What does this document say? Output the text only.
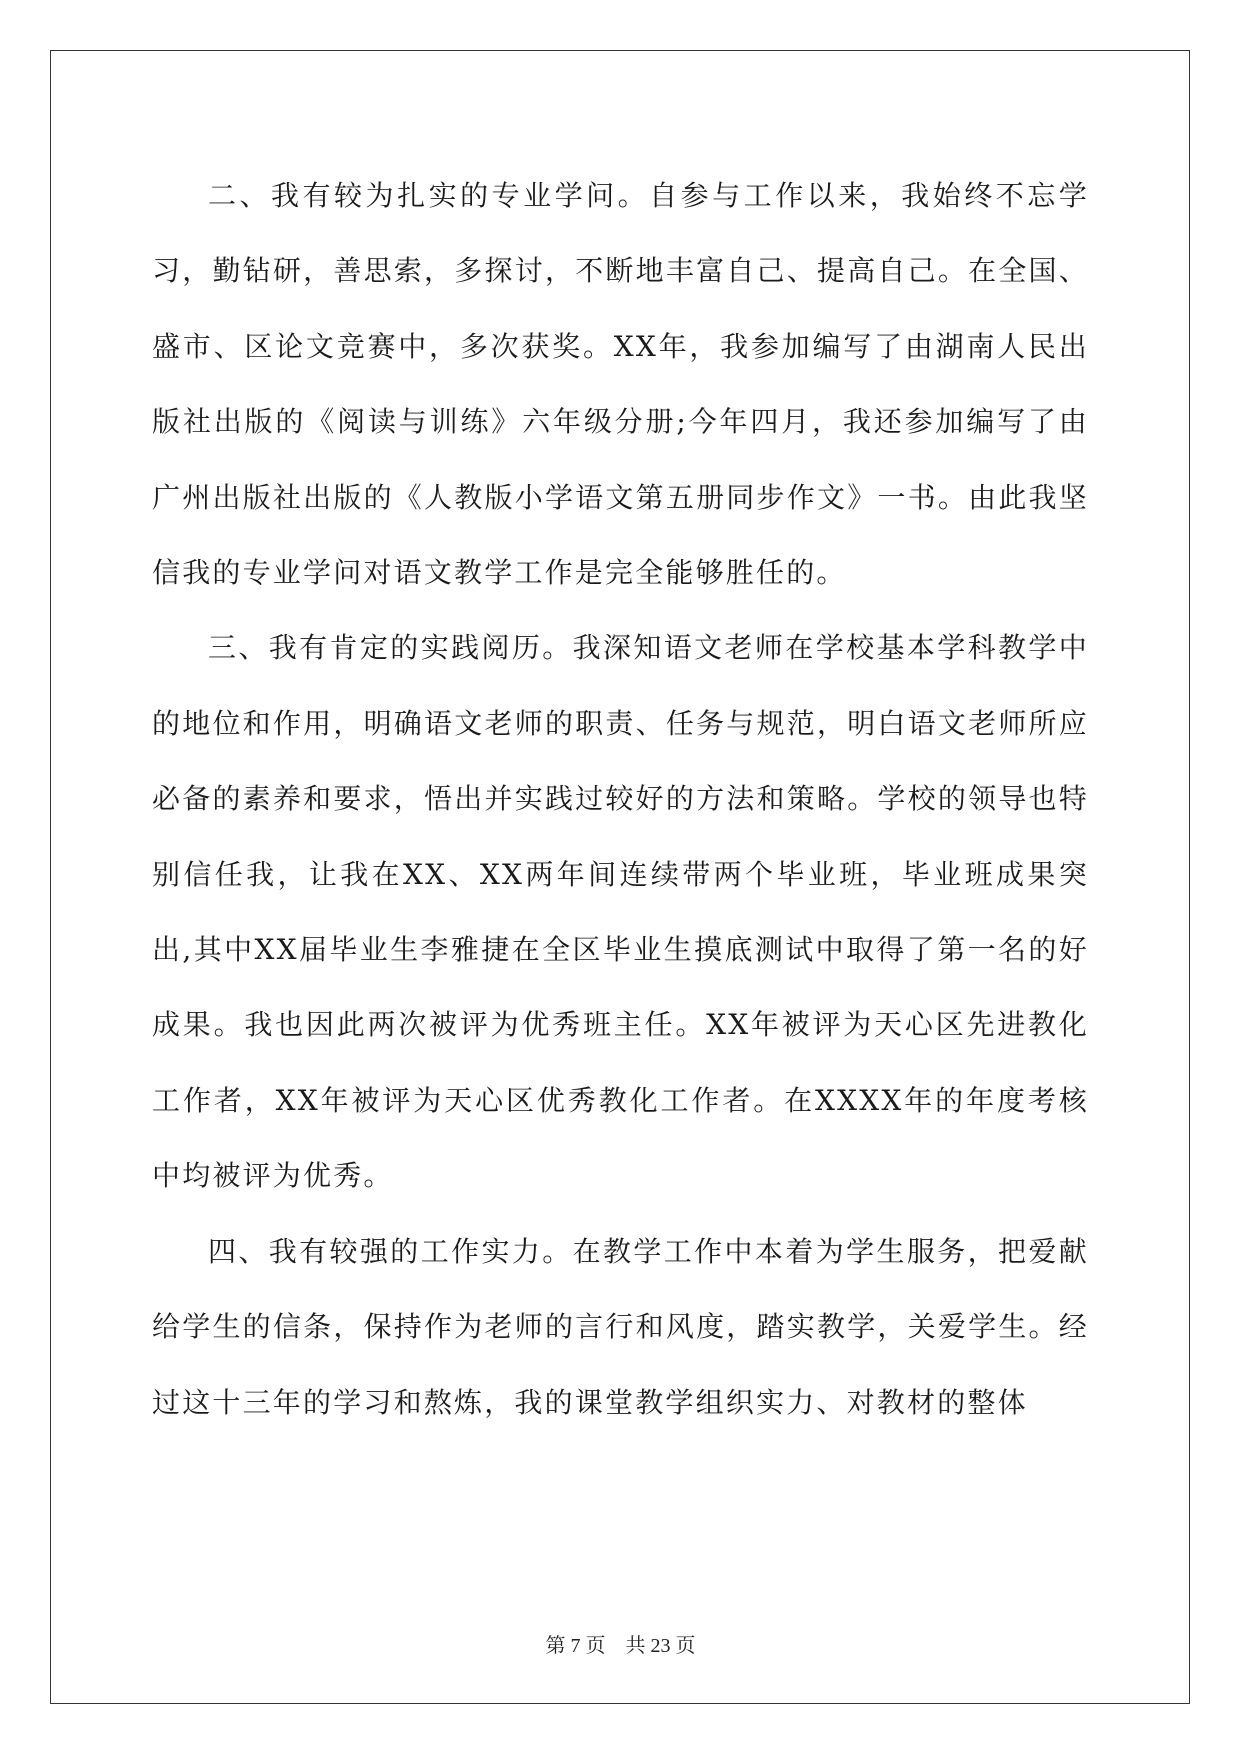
二、我有较为扎实的专业学问。自参与工作以来，我始终不忘学习，勤钻研，善思索，多探讨，不断地丰富自己、提高自己。在全国、盛市、区论文竞赛中，多次获奖。XX年，我参加编写了由湖南人民出版社出版的《阅读与训练》六年级分册;今年四月，我还参加编写了由广州出版社出版的《人教版小学语文第五册同步作文》一书。由此我坚信我的专业学问对语文教学工作是完全能够胜任的。

三、我有肯定的实践阅历。我深知语文老师在学校基本学科教学中的地位和作用，明确语文老师的职责、任务与规范，明白语文老师所应必备的素养和要求，悟出并实践过较好的方法和策略。学校的领导也特别信任我，让我在XX、XX两年间连续带两个毕业班，毕业班成果突出,其中XX届毕业生李雅捷在全区毕业生摸底测试中取得了第一名的好成果。我也因此两次被评为优秀班主任。XX年被评为天心区先进教化工作者，XX年被评为天心区优秀教化工作者。在XXXX年的年度考核中均被评为优秀。

四、我有较强的工作实力。在教学工作中本着为学生服务，把爱献给学生的信条，保持作为老师的言行和风度，踏实教学，关爱学生。经过这十三年的学习和熬炼，我的课堂教学组织实力、对教材的整体

第 7 页    共 23 页
